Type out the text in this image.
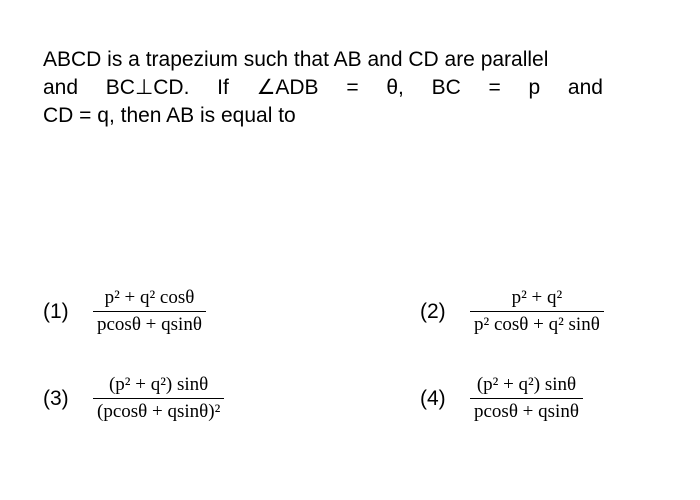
ABCD is a trapezium such that AB and CD are parallel
and BC⊥CD. If ∠ADB = θ, BC = p and
CD = q, then AB is equal to
(1)	$\frac{\text{p² + q² cosθ}}{pcos\theta + qsin\theta}$	(2)	$\frac{\text{p² + q²}}{\text{p² cosθ + q² sinθ}}$
(3)	$\frac{\text{(p² + q²) sinθ}}{\text{(pcosθ + qsinθ)²}}$	(4)	$\frac{\text{(p² + q²) sinθ}}{pcos\theta + qsin\theta}$
